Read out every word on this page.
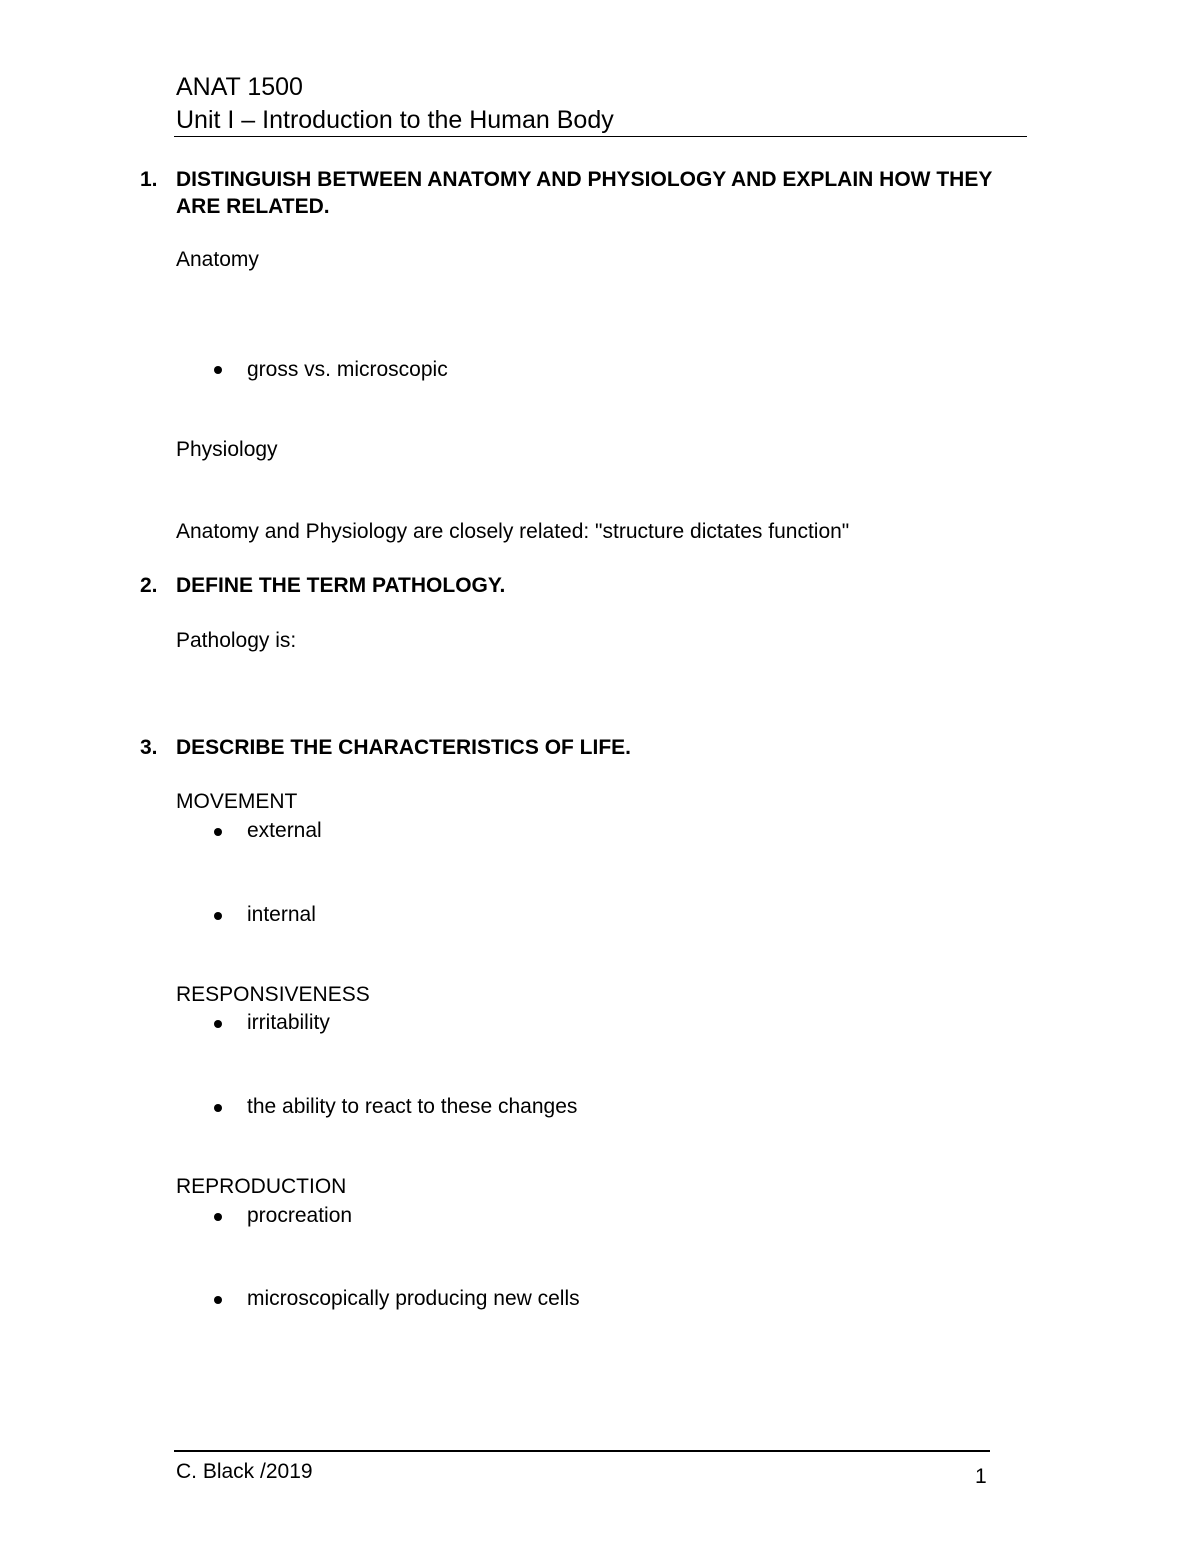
ANAT 1500
Unit I – Introduction to the Human Body
1. DISTINGUISH BETWEEN ANATOMY AND PHYSIOLOGY AND EXPLAIN HOW THEY ARE RELATED.
Anatomy
gross vs. microscopic
Physiology
Anatomy and Physiology are closely related: "structure dictates function"
2. DEFINE THE TERM PATHOLOGY.
Pathology is:
3. DESCRIBE THE CHARACTERISTICS OF LIFE.
MOVEMENT
external
internal
RESPONSIVENESS
irritability
the ability to react to these changes
REPRODUCTION
procreation
microscopically producing new cells
C. Black /2019	1
